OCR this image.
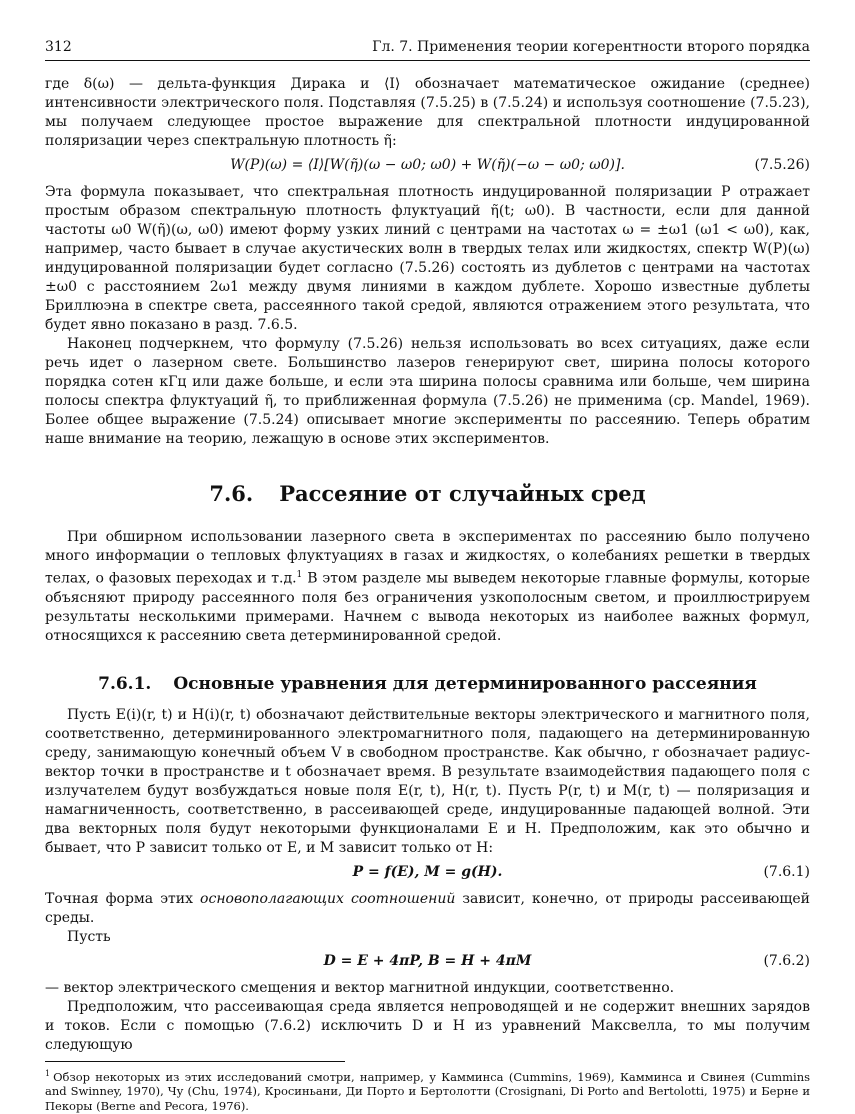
312	Гл. 7. Применения теории когерентности второго порядка

где δ(ω) — дельта-функция Дирака и ⟨I⟩ обозначает математическое ожидание (среднее) интенсивности электрического поля. Подставляя (7.5.25) в (7.5.24) и используя соотношение (7.5.23), мы получаем следующее простое выражение для спектральной плотности индуцированной поляризации через спектральную плотность η̃:

W(P)(ω) = ⟨I⟩[W(η̃)(ω − ω0; ω0) + W(η̃)(−ω − ω0; ω0)].	(7.5.26)

Эта формула показывает, что спектральная плотность индуцированной поляризации P отражает простым образом спектральную плотность флуктуаций η̃(t; ω0). В частности, если для данной частоты ω0 W(η̃)(ω, ω0) имеют форму узких линий с центрами на частотах ω = ±ω1 (ω1 < ω0), как, например, часто бывает в случае акустических волн в твердых телах или жидкостях, спектр W(P)(ω) индуцированной поляризации будет согласно (7.5.26) состоять из дублетов с центрами на частотах ±ω0 с расстоянием 2ω1 между двумя линиями в каждом дублете. Хорошо известные дублеты Бриллюэна в спектре света, рассеянного такой средой, являются отражением этого результата, что будет явно показано в разд. 7.6.5.

Наконец подчеркнем, что формулу (7.5.26) нельзя использовать во всех ситуациях, даже если речь идет о лазерном свете. Большинство лазеров генерируют свет, ширина полосы которого порядка сотен кГц или даже больше, и если эта ширина полосы сравнима или больше, чем ширина полосы спектра флуктуаций η̃, то приближенная формула (7.5.26) не применима (ср. Mandel, 1969). Более общее выражение (7.5.24) описывает многие эксперименты по рассеянию. Теперь обратим наше внимание на теорию, лежащую в основе этих экспериментов.

7.6. Рассеяние от случайных сред

При обширном использовании лазерного света в экспериментах по рассеянию было получено много информации о тепловых флуктуациях в газах и жидкостях, о колебаниях решетки в твердых телах, о фазовых переходах и т.д.$^1$ В этом разделе мы выведем некоторые главные формулы, которые объясняют природу рассеянного поля без ограничения узкополосным светом, и проиллюстрируем результаты несколькими примерами. Начнем с вывода некоторых из наиболее важных формул, относящихся к рассеянию света детерминированной средой.

7.6.1. Основные уравнения для детерминированного рассеяния

Пусть E(i)(r, t) и H(i)(r, t) обозначают действительные векторы электрического и магнитного поля, соответственно, детерминированного электромагнитного поля, падающего на детерминированную среду, занимающую конечный объем V в свободном пространстве. Как обычно, r обозначает радиус-вектор точки в пространстве и t обозначает время. В результате взаимодействия падающего поля с излучателем будут возбуждаться новые поля E(r, t), H(r, t). Пусть P(r, t) и M(r, t) — поляризация и намагниченность, соответственно, в рассеивающей среде, индуцированные падающей волной. Эти два векторных поля будут некоторыми функционалами E и H. Предположим, как это обычно и бывает, что P зависит только от E, и M зависит только от H:

P = f(E), M = g(H).	(7.6.1)

Точная форма этих основополагающих соотношений зависит, конечно, от природы рассеивающей среды.

Пусть

D = E + 4πP, B = H + 4πM	(7.6.2)

— вектор электрического смещения и вектор магнитной индукции, соответственно.

Предположим, что рассеивающая среда является непроводящей и не содержит внешних зарядов и токов. Если с помощью (7.6.2) исключить D и H из уравнений Максвелла, то мы получим следующую

$^1$ Обзор некоторых из этих исследований смотри, например, у Камминса (Cummins, 1969), Камминса и Свинея (Cummins and Swinney, 1970), Чу (Chu, 1974), Кросиньани, Ди Порто и Бертолотти (Crosignani, Di Porto and Bertolotti, 1975) и Берне и Пекоры (Berne and Pecora, 1976).
